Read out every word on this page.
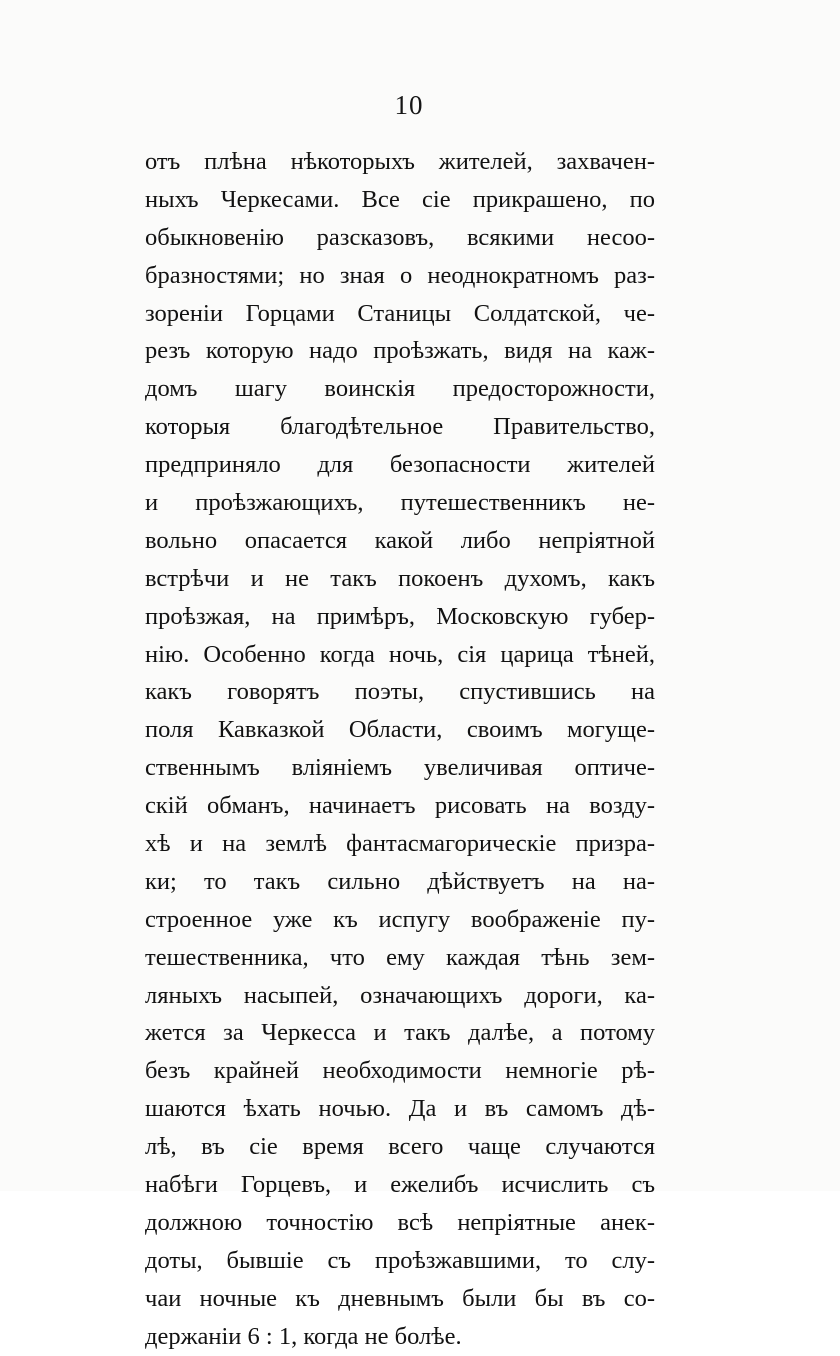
10
отъ плѣна нѣкоторыхъ жителей, захвачен-
ныхъ Черкесами. Все сіе прикрашено, по
обыкновенію разсказовъ, всякими несоо-
бразностями; но зная о неоднократномъ раз-
зореніи Горцами Станицы Солдатской, че-
резъ которую надо проѣзжать, видя на каж-
домъ шагу воинскія предосторожности,
которыя благодѣтельное Правительство,
предприняло для безопасности жителей
и проѣзжающихъ, путешественникъ не-
вольно опасается какой либо непріятной
встрѣчи и не такъ покоенъ духомъ, какъ
проѣзжая, на примѣръ, Московскую губер-
нію. Особенно когда ночь, сія царица тѣней,
какъ говорятъ поэты, спустившись на
поля Кавказкой Области, своимъ могуще-
ственнымъ вліяніемъ увеличивая оптиче-
скій обманъ, начинаетъ рисовать на возду-
хѣ и на землѣ фантасмагорическіе призра-
ки; то такъ сильно дѣйствуетъ на на-
строенное уже къ испугу воображеніе пу-
тешественника, что ему каждая тѣнь зем-
ляныхъ насыпей, означающихъ дороги, ка-
жется за Черкесса и такъ далѣе, а потому
безъ крайней необходимости немногіе рѣ-
шаются ѣхать ночью. Да и въ самомъ дѣ-
лѣ, въ сіе время всего чаще случаются
набѣги Горцевъ, и ежелибъ исчислить съ
должною точностію всѣ непріятные анек-
доты, бывшіе съ проѣзжавшими, то слу-
чаи ночные къ дневнымъ были бы въ со-
держаніи 6 : 1, когда не болѣе.
